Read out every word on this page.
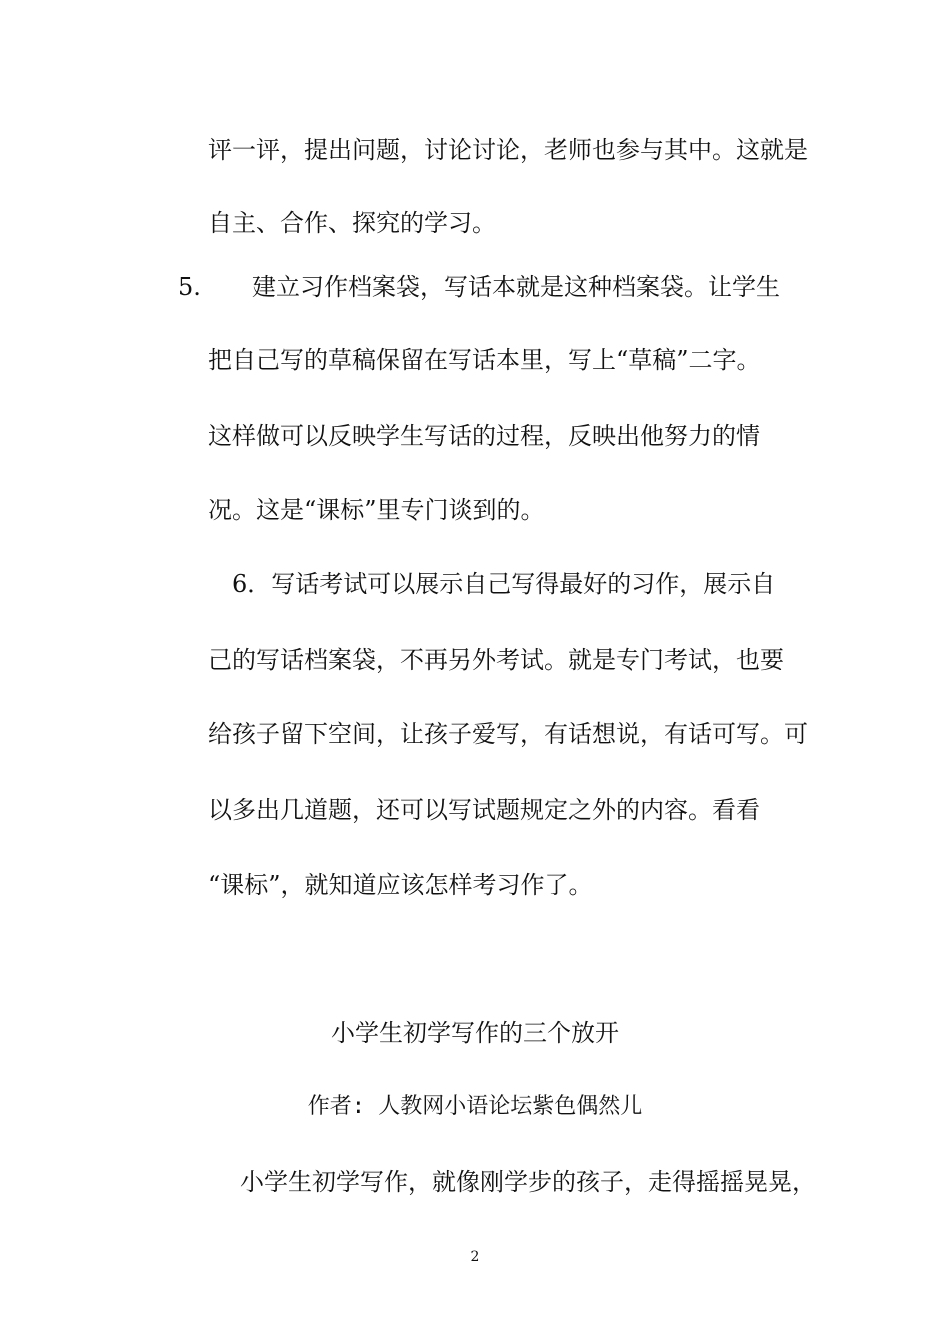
评一评，提出问题，讨论讨论，老师也参与其中。这就是
自主、合作、探究的学习。
5. 建立习作档案袋，写话本就是这种档案袋。让学生
把自己写的草稿保留在写话本里，写上“草稿”二字。
这样做可以反映学生写话的过程，反映出他努力的情
况。这是“课标”里专门谈到的。
6．写话考试可以展示自己写得最好的习作，展示自
己的写话档案袋，不再另外考试。就是专门考试，也要
给孩子留下空间，让孩子爱写，有话想说，有话可写。可
以多出几道题，还可以写试题规定之外的内容。看看
“课标”，就知道应该怎样考习作了。
小学生初学写作的三个放开
作者: 人教网小语论坛紫色偶然儿
小学生初学写作，就像刚学步的孩子，走得摇摇晃晃，
2
